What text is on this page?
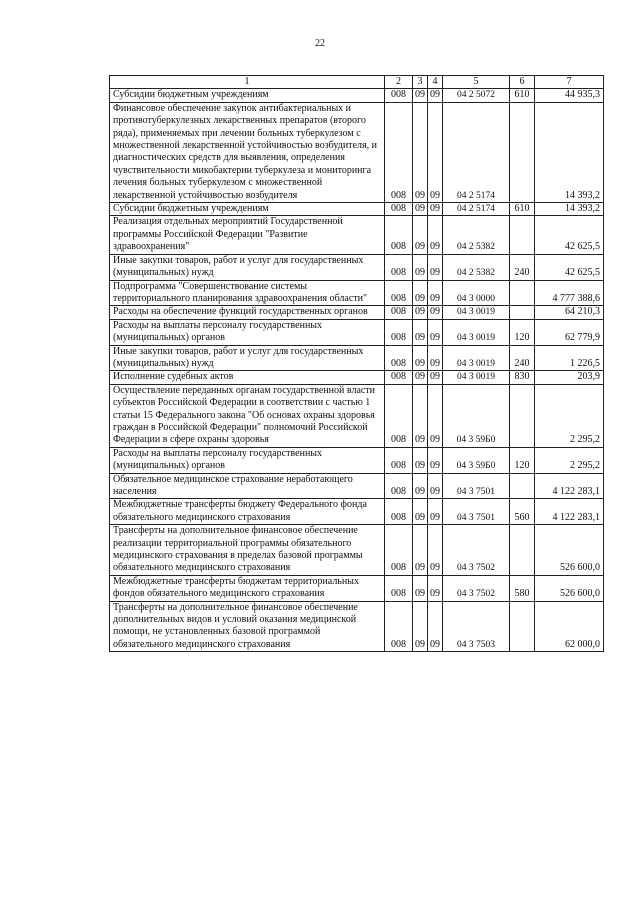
22
1	2	3	4	5	6	7
Субсидии бюджетным учреждениям	008	09	09	04 2 5072	610	44 935,3
Финансовое обеспечение закупок антибактериальных и противотуберкулезных лекарственных препаратов (второго ряда), применяемых при лечении больных туберкулезом с множественной лекарственной устойчивостью возбудителя, и диагностических средств для выявления, определения чувствительности микобактерии туберкулеза и мониторинга лечения больных туберкулезом с множественной лекарственной устойчивостью возбудителя	008	09	09	04 2 5174		14 393,2
Субсидии бюджетным учреждениям	008	09	09	04 2 5174	610	14 393,2
Реализация отдельных мероприятий Государственной программы Российской Федерации "Развитие здравоохранения"	008	09	09	04 2 5382		42 625,5
Иные закупки товаров, работ и услуг для государственных (муниципальных) нужд	008	09	09	04 2 5382	240	42 625,5
Подпрограмма "Совершенствование системы территориального планирования здравоохранения области"	008	09	09	04 3 0000		4 777 388,6
Расходы на обеспечение функций государственных органов	008	09	09	04 3 0019		64 210,3
Расходы на выплаты персоналу государственных (муниципальных) органов	008	09	09	04 3 0019	120	62 779,9
Иные закупки товаров, работ и услуг для государственных (муниципальных) нужд	008	09	09	04 3 0019	240	1 226,5
Исполнение судебных актов	008	09	09	04 3 0019	830	203,9
Осуществление переданных органам государственной власти субъектов Российской Федерации в соответствии с частью 1 статьи 15 Федерального закона "Об основах охраны здоровья граждан в Российской Федерации" полномочий Российской Федерации в сфере охраны здоровья	008	09	09	04 3 59Б0		2 295,2
Расходы на выплаты персоналу государственных (муниципальных) органов	008	09	09	04 3 59Б0	120	2 295,2
Обязательное медицинское страхование неработающего населения	008	09	09	04 3 7501		4 122 283,1
Межбюджетные трансферты бюджету Федерального фонда обязательного медицинского страхования	008	09	09	04 3 7501	560	4 122 283,1
Трансферты на дополнительное финансовое обеспечение реализации территориальной программы обязательного медицинского страхования в пределах базовой программы обязательного медицинского страхования	008	09	09	04 3 7502		526 600,0
Межбюджетные трансферты бюджетам территориальных фондов обязательного медицинского страхования	008	09	09	04 3 7502	580	526 600,0
Трансферты на дополнительное финансовое обеспечение дополнительных видов и условий оказания медицинской помощи, не установленных базовой программой обязательного медицинского страхования	008	09	09	04 3 7503		62 000,0
